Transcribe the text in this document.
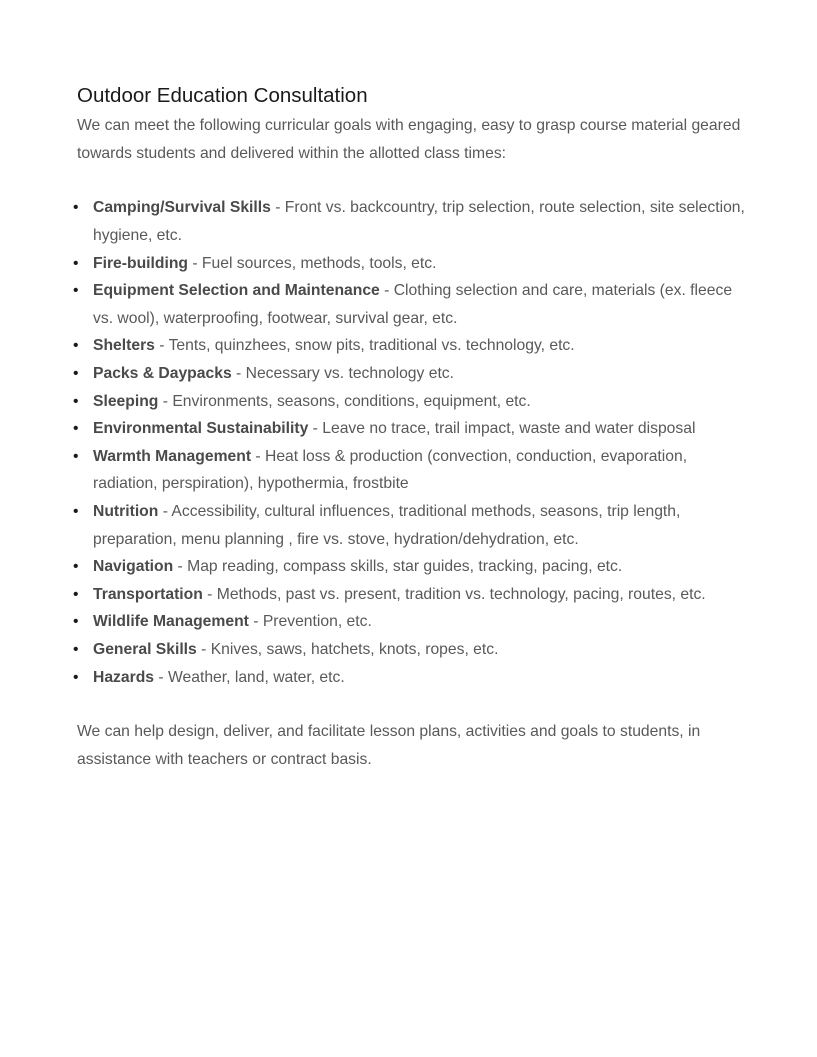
Outdoor Education Consultation

We can meet the following curricular goals with engaging, easy to grasp course material geared towards students and delivered within the allotted class times:

• Camping/Survival Skills - Front vs. backcountry, trip selection, route selection, site selection, hygiene, etc.
• Fire-building - Fuel sources, methods, tools, etc.
• Equipment Selection and Maintenance - Clothing selection and care, materials (ex. fleece vs. wool), waterproofing, footwear, survival gear, etc.
• Shelters - Tents, quinzhees, snow pits, traditional vs. technology, etc.
• Packs & Daypacks - Necessary vs. technology etc.
• Sleeping - Environments, seasons, conditions, equipment, etc.
• Environmental Sustainability - Leave no trace, trail impact, waste and water disposal
• Warmth Management - Heat loss & production (convection, conduction, evaporation, radiation, perspiration), hypothermia, frostbite
• Nutrition - Accessibility, cultural influences, traditional methods, seasons, trip length, preparation, menu planning , fire vs. stove, hydration/dehydration, etc.
• Navigation - Map reading, compass skills, star guides, tracking, pacing, etc.
• Transportation - Methods, past vs. present, tradition vs. technology, pacing, routes, etc.
• Wildlife Management - Prevention, etc.
• General Skills - Knives, saws, hatchets, knots, ropes, etc.
• Hazards - Weather, land, water, etc.

We can help design, deliver, and facilitate lesson plans, activities and goals to students, in assistance with teachers or contract basis.
